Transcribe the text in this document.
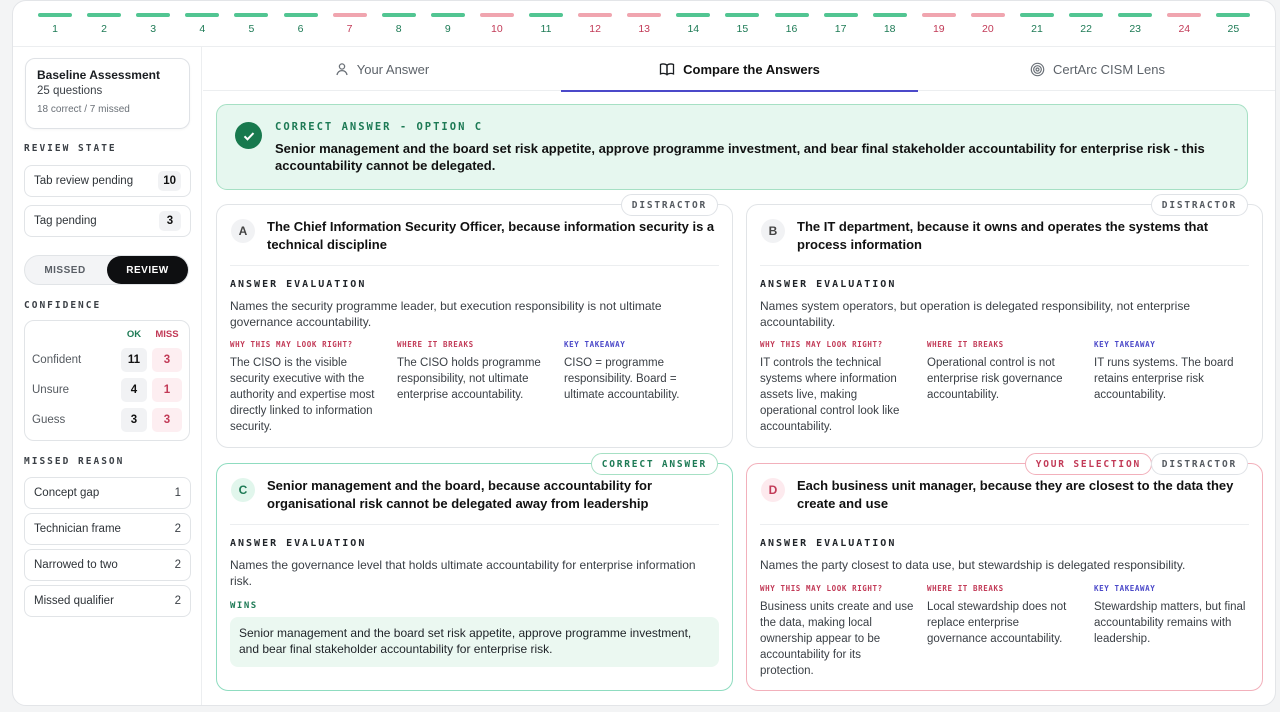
1	2	3	4	5	6	7	8	9	10	11	12	13	14	15	16	17	18	19	20	21	22	23	24	25
Baseline Assessment
25 questions
18 correct / 7 missed
REVIEW STATE
Tab review pending	10
Tag pending	3
MISSED	REVIEW
CONFIDENCE
OK	MISS
Confident	11	3
Unsure	4	1
Guess	3	3
MISSED REASON
Concept gap	1
Technician frame	2
Narrowed to two	2
Missed qualifier	2
Your Answer	Compare the Answers	CertArc CISM Lens
CORRECT ANSWER - OPTION C
Senior management and the board set risk appetite, approve programme investment, and bear final stakeholder accountability for enterprise risk - this accountability cannot be delegated.
DISTRACTOR
A	The Chief Information Security Officer, because information security is a technical discipline
ANSWER EVALUATION
Names the security programme leader, but execution responsibility is not ultimate governance accountability.
WHY THIS MAY LOOK RIGHT?
The CISO is the visible security executive with the authority and expertise most directly linked to information security.
WHERE IT BREAKS
The CISO holds programme responsibility, not ultimate enterprise accountability.
KEY TAKEAWAY
CISO = programme responsibility. Board = ultimate accountability.
DISTRACTOR
B	The IT department, because it owns and operates the systems that process information
ANSWER EVALUATION
Names system operators, but operation is delegated responsibility, not enterprise accountability.
WHY THIS MAY LOOK RIGHT?
IT controls the technical systems where information assets live, making operational control look like accountability.
WHERE IT BREAKS
Operational control is not enterprise risk governance accountability.
KEY TAKEAWAY
IT runs systems. The board retains enterprise risk accountability.
CORRECT ANSWER
C	Senior management and the board, because accountability for organisational risk cannot be delegated away from leadership
ANSWER EVALUATION
Names the governance level that holds ultimate accountability for enterprise information risk.
WINS
Senior management and the board set risk appetite, approve programme investment, and bear final stakeholder accountability for enterprise risk.
YOUR SELECTION	DISTRACTOR
D	Each business unit manager, because they are closest to the data they create and use
ANSWER EVALUATION
Names the party closest to data use, but stewardship is delegated responsibility.
WHY THIS MAY LOOK RIGHT?
Business units create and use the data, making local ownership appear to be accountability for its protection.
WHERE IT BREAKS
Local stewardship does not replace enterprise governance accountability.
KEY TAKEAWAY
Stewardship matters, but final accountability remains with leadership.
